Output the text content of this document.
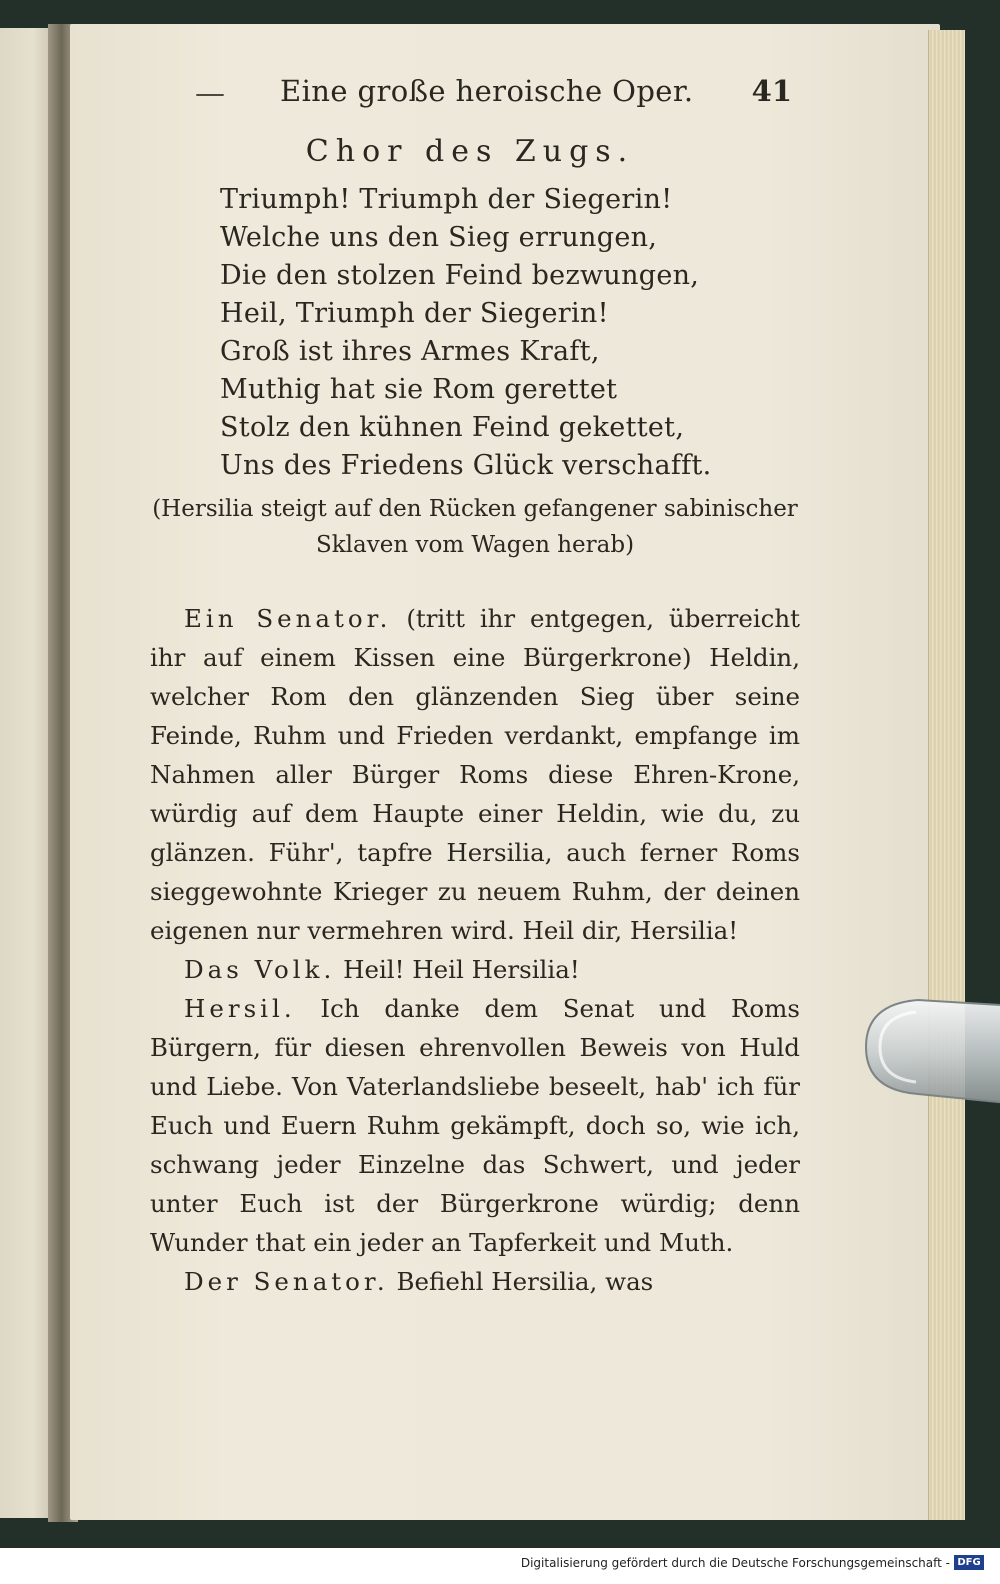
— Eine große heroische Oper. 41
Chor des Zugs.
Triumph! Triumph der Siegerin!
Welche uns den Sieg errungen,
Die den stolzen Feind bezwungen,
Heil, Triumph der Siegerin!
Groß ist ihres Armes Kraft,
Muthig hat sie Rom gerettet
Stolz den kühnen Feind gekettet,
Uns des Friedens Glück verschafft.
(Hersilia steigt auf den Rücken gefangener sabinischer
Sklaven vom Wagen herab)

Ein Senator. (tritt ihr entgegen, überreicht ihr auf einem Kissen eine Bürgerkrone) Heldin, welcher Rom den glänzenden Sieg über seine Feinde, Ruhm und Frieden verdankt, empfange im Nahmen aller Bürger Roms diese Ehren-Krone, würdig auf dem Haupte einer Heldin, wie du, zu glänzen. Führ', tapfre Hersilia, auch ferner Roms sieggewohnte Krieger zu neuem Ruhm, der deinen eigenen nur vermehren wird. Heil dir, Hersilia!

Das Volk. Heil! Heil Hersilia!

Hersil. Ich danke dem Senat und Roms Bürgern, für diesen ehrenvollen Beweis von Huld und Liebe. Von Vaterlandsliebe beseelt, hab' ich für Euch und Euern Ruhm gekämpft, doch so, wie ich, schwang jeder Einzelne das Schwert, und jeder unter Euch ist der Bürgerkrone würdig; denn Wunder that ein jeder an Tapferkeit und Muth.

Der Senator. Befiehl Hersilia, was

Digitalisierung gefördert durch die Deutsche Forschungsgemeinschaft - DFG
